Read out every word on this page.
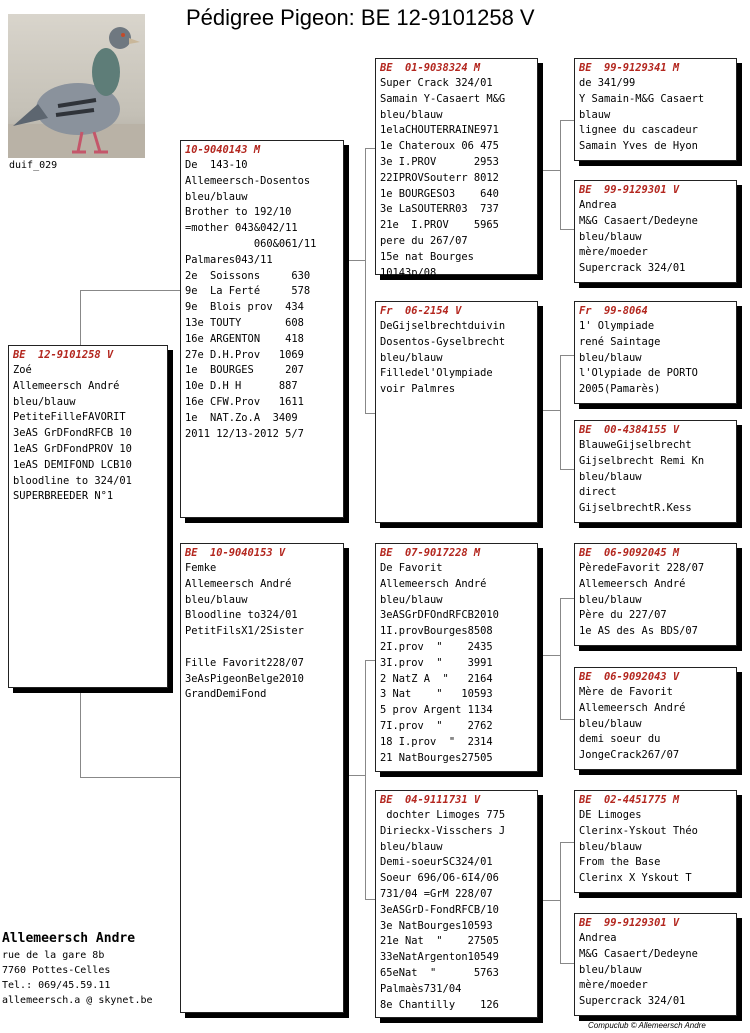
Pédigree Pigeon: BE 12-9101258 V
duif_029
BE  12-9101258 V
Zoé
Allemeersch André
bleu/blauw
PetiteFilleFAVORIT
3eAS GrDFondRFCB 10
1eAS GrDFondPROV 10
1eAS DEMIFOND LCB10
bloodline to 324/01
SUPERBREEDER N°1
10-9040143 M
De  143-10
Allemeersch-Dosentos
bleu/blauw
Brother to 192/10
=mother 043&042/11
060&061/11
Palmares043/11
2e  Soissons     630
9e  La Ferté     578
9e  Blois prov  434
13e TOUTY       608
16e ARGENTON    418
27e D.H.Prov   1069
1e  BOURGES     207
10e D.H H      887
16e CFW.Prov   1611
1e  NAT.Zo.A  3409
2011 12/13-2012 5/7
BE  10-9040153 V
Femke
Allemeersch André
bleu/blauw
Bloodline to324/01
PetitFilsX1/2Sister

Fille Favorit228/07
3eAsPigeonBelge2010
GrandDemiFond
BE  01-9038324 M
Super Crack 324/01
Samain Y-Casaert M&G
bleu/blauw
1elaCHOUTERRAINE971
1e Chateroux 06 475
3e I.PROV      2953
22IPROVSouterr 8012
1e BOURGESO3    640
3e LaSOUTERR03  737
21e  I.PROV    5965
pere du 267/07
15e nat Bourges
10143p/08
Fr  06-2154 V
DeGijselbrechtduivin
Dosentos-Gyselbrecht
bleu/blauw
Filledel'Olympiade
voir Palmres
BE  07-9017228 M
De Favorit
Allemeersch André
bleu/blauw
3eASGrDFOndRFCB2010
1I.provBourges8508
2I.prov  "    2435
3I.prov  "    3991
2 NatZ A  "   2164
3 Nat    "   10593
5 prov Argent 1134
7I.prov  "    2762
18 I.prov  "  2314
21 NatBourges27505
BE  04-9111731 V
dochter Limoges 775
Dirieckx-Visschers J
bleu/blauw
Demi-soeurSC324/01
Soeur 696/O6-6I4/06
731/04 =GrM 228/07
3eASGrD-FondRFCB/10
3e NatBourges10593
21e Nat  "    27505
33eNatArgenton10549
65eNat  "      5763
Palmaès731/04
8e Chantilly    126
BE  99-9129341 M
de 341/99
Y Samain-M&G Casaert
blauw
lignee du cascadeur
Samain Yves de Hyon
BE  99-9129301 V
Andrea
M&G Casaert/Dedeyne
bleu/blauw
mère/moeder
Supercrack 324/01
Fr  99-8064
1' Olympiade
rené Saintage
bleu/blauw
l'Olypiade de PORTO
2005(Pamarès)
BE  00-4384155 V
BlauweGijselbrecht
Gijselbrecht Remi Kn
bleu/blauw
direct
GijselbrechtR.Kess
BE  06-9092045 M
PèredeFavorit 228/07
Allemeersch André
bleu/blauw
Père du 227/07
1e AS des As BDS/07
BE  06-9092043 V
Mère de Favorit
Allemeersch André
bleu/blauw
demi soeur du
JongeCrack267/07
BE  02-4451775 M
DE Limoges
Clerinx-Yskout Théo
bleu/blauw
From the Base
Clerinx X Yskout T
BE  99-9129301 V
Andrea
M&G Casaert/Dedeyne
bleu/blauw
mère/moeder
Supercrack 324/01
Allemeersch Andre
rue de la gare 8b
7760 Pottes-Celles
Tel.: 069/45.59.11
allemeersch.a @ skynet.be
Compuclub © Allemeersch Andre
